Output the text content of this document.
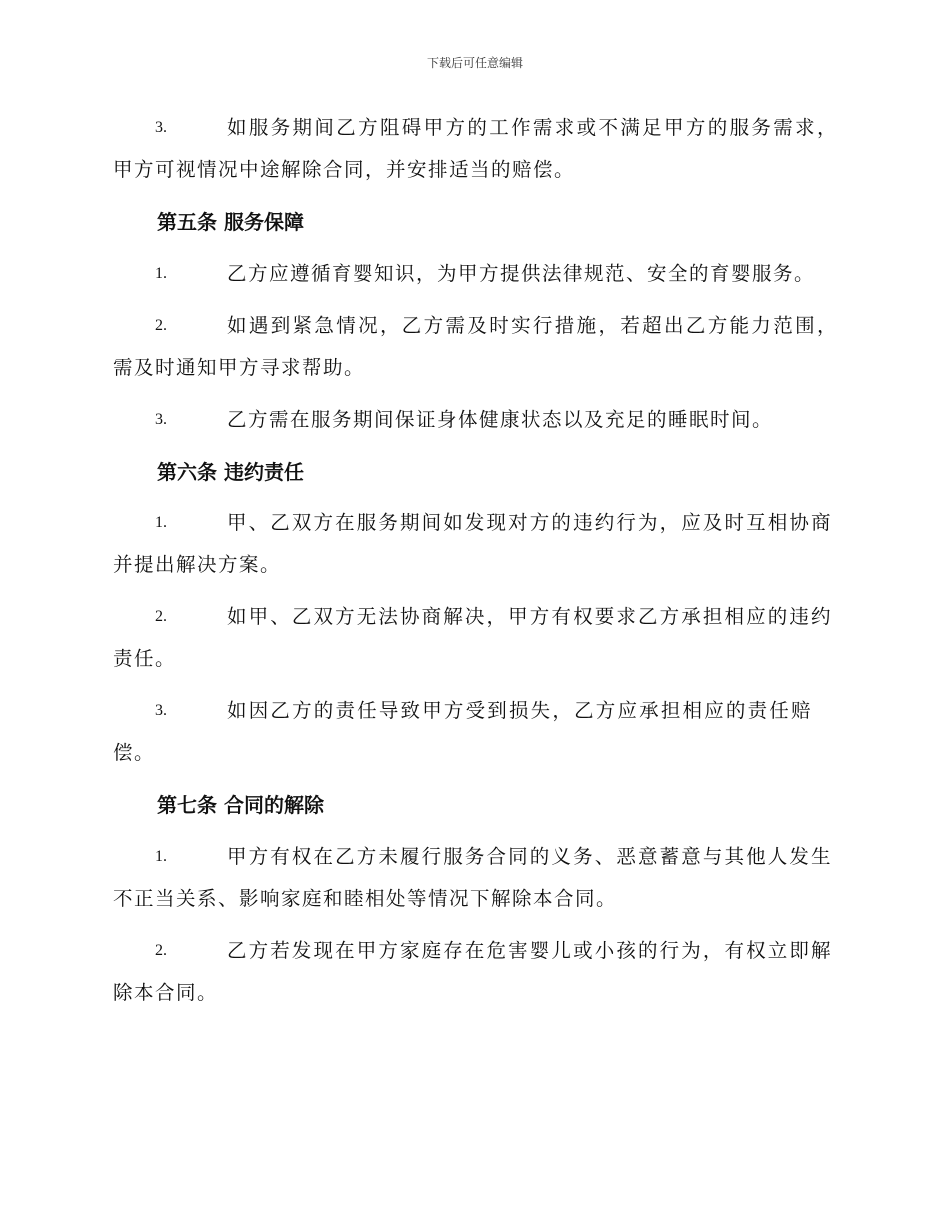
下载后可任意编辑
3.	如服务期间乙方阻碍甲方的工作需求或不满足甲方的服务需求，
甲方可视情况中途解除合同，并安排适当的赔偿。
第五条 服务保障
1.	乙方应遵循育婴知识，为甲方提供法律规范、安全的育婴服务。
2.	如遇到紧急情况，乙方需及时实行措施，若超出乙方能力范围，
需及时通知甲方寻求帮助。
3.	乙方需在服务期间保证身体健康状态以及充足的睡眠时间。
第六条 违约责任
1.	甲、乙双方在服务期间如发现对方的违约行为，应及时互相协商
并提出解决方案。
2.	如甲、乙双方无法协商解决，甲方有权要求乙方承担相应的违约
责任。
3.	如因乙方的责任导致甲方受到损失，乙方应承担相应的责任赔
偿。
第七条 合同的解除
1.	甲方有权在乙方未履行服务合同的义务、恶意蓄意与其他人发生
不正当关系、影响家庭和睦相处等情况下解除本合同。
2.	乙方若发现在甲方家庭存在危害婴儿或小孩的行为，有权立即解
除本合同。
